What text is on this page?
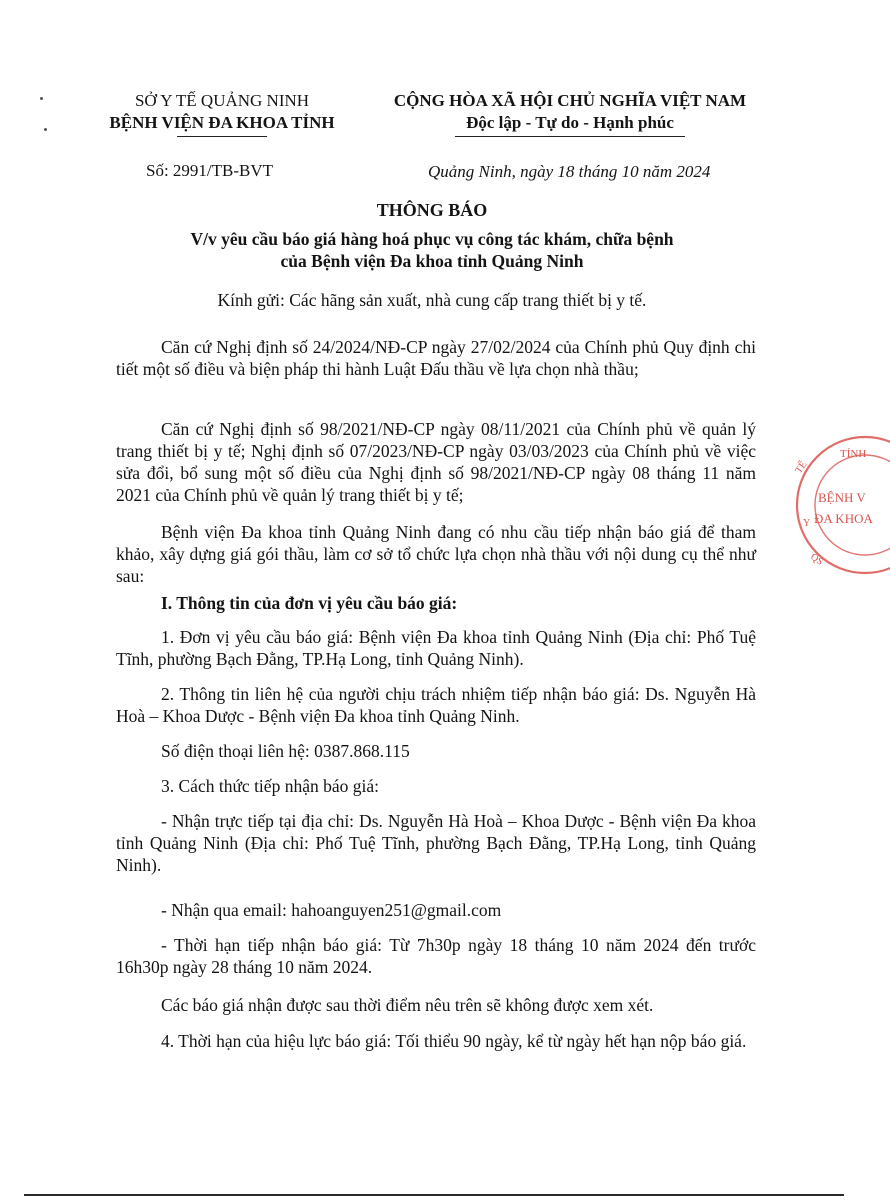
SỞ Y TẾ QUẢNG NINH
BỆNH VIỆN ĐA KHOA TỈNH
CỘNG HÒA XÃ HỘI CHỦ NGHĨA VIỆT NAM
Độc lập - Tự do - Hạnh phúc
Số: 2991/TB-BVT	Quảng Ninh, ngày 18 tháng 10 năm 2024
THÔNG BÁO
V/v yêu cầu báo giá hàng hoá phục vụ công tác khám, chữa bệnh
của Bệnh viện Đa khoa tỉnh Quảng Ninh
Kính gửi: Các hãng sản xuất, nhà cung cấp trang thiết bị y tế.

Căn cứ Nghị định số 24/2024/NĐ-CP ngày 27/02/2024 của Chính phủ Quy định chi tiết một số điều và biện pháp thi hành Luật Đấu thầu về lựa chọn nhà thầu;

Căn cứ Nghị định số 98/2021/NĐ-CP ngày 08/11/2021 của Chính phủ về quản lý trang thiết bị y tế; Nghị định số 07/2023/NĐ-CP ngày 03/03/2023 của Chính phủ về việc sửa đổi, bổ sung một số điều của Nghị định số 98/2021/NĐ-CP ngày 08 tháng 11 năm 2021 của Chính phủ về quản lý trang thiết bị y tế;

Bệnh viện Đa khoa tỉnh Quảng Ninh đang có nhu cầu tiếp nhận báo giá để tham khảo, xây dựng giá gói thầu, làm cơ sở tổ chức lựa chọn nhà thầu với nội dung cụ thể như sau:

I. Thông tin của đơn vị yêu cầu báo giá:

1. Đơn vị yêu cầu báo giá: Bệnh viện Đa khoa tỉnh Quảng Ninh (Địa chỉ: Phố Tuệ Tĩnh, phường Bạch Đằng, TP.Hạ Long, tỉnh Quảng Ninh).

2. Thông tin liên hệ của người chịu trách nhiệm tiếp nhận báo giá: Ds. Nguyễn Hà Hoà – Khoa Dược - Bệnh viện Đa khoa tỉnh Quảng Ninh.

Số điện thoại liên hệ: 0387.868.115

3. Cách thức tiếp nhận báo giá:

- Nhận trực tiếp tại địa chỉ: Ds. Nguyễn Hà Hoà – Khoa Dược - Bệnh viện Đa khoa tỉnh Quảng Ninh (Địa chỉ: Phố Tuệ Tĩnh, phường Bạch Đằng, TP.Hạ Long, tỉnh Quảng Ninh).

- Nhận qua email: hahoanguyen251@gmail.com

- Thời hạn tiếp nhận báo giá: Từ 7h30p ngày 18 tháng 10 năm 2024 đến trước 16h30p ngày 28 tháng 10 năm 2024.

Các báo giá nhận được sau thời điểm nêu trên sẽ không được xem xét.

4. Thời hạn của hiệu lực báo giá: Tối thiểu 90 ngày, kể từ ngày hết hạn nộp báo giá.

TỈNH
TẾ
Y
QS
BỆNH V
ĐA KHOA
